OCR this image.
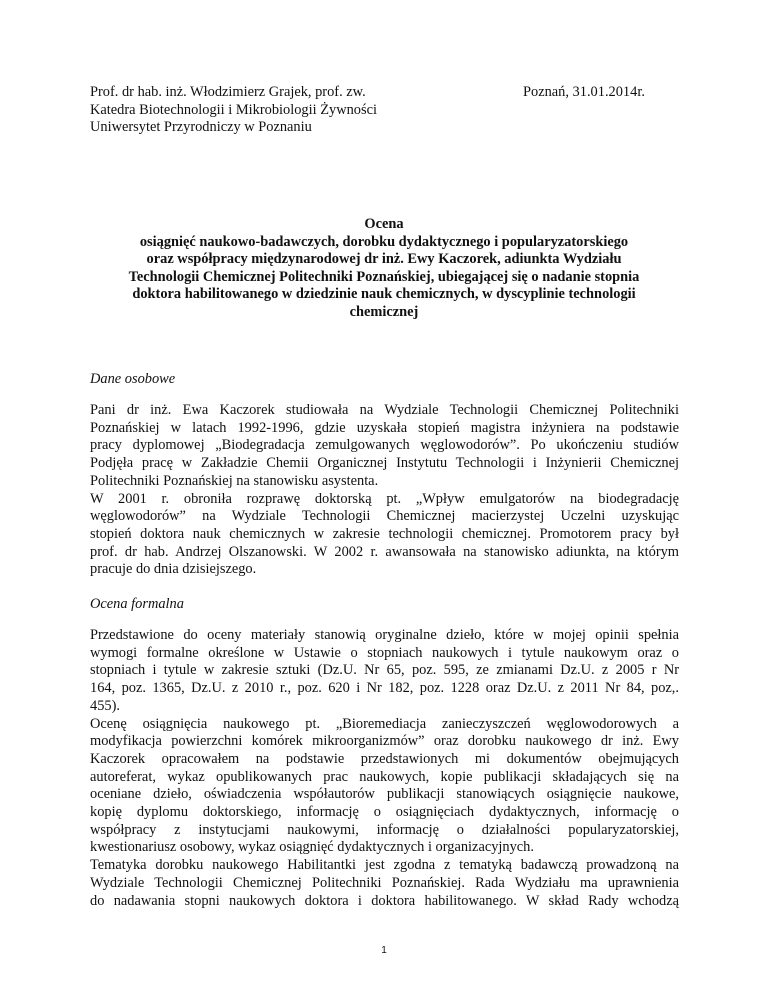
Prof. dr hab. inż. Włodzimierz Grajek, prof. zw.
Katedra Biotechnologii i Mikrobiologii Żywności
Uniwersytet Przyrodniczy w Poznaniu
Poznań, 31.01.2014r.
Ocena
osiągnięć naukowo-badawczych, dorobku dydaktycznego i popularyzatorskiego
oraz współpracy międzynarodowej dr inż. Ewy Kaczorek, adiunkta Wydziału
Technologii Chemicznej Politechniki Poznańskiej, ubiegającej się o nadanie stopnia
doktora habilitowanego w dziedzinie nauk chemicznych, w dyscyplinie technologii
chemicznej
Dane osobowe
Pani dr inż. Ewa Kaczorek studiowała na Wydziale Technologii Chemicznej Politechniki
Poznańskiej w latach 1992-1996, gdzie uzyskała stopień magistra inżyniera na podstawie
pracy dyplomowej „Biodegradacja zemulgowanych węglowodorów”. Po ukończeniu studiów
Podjęła pracę w Zakładzie Chemii Organicznej Instytutu Technologii i Inżynierii Chemicznej
Politechniki Poznańskiej na stanowisku asystenta.
W 2001 r. obroniła rozprawę doktorską pt. „Wpływ emulgatorów na biodegradację
węglowodorów” na Wydziale Technologii Chemicznej macierzystej Uczelni uzyskując
stopień doktora nauk chemicznych w zakresie technologii chemicznej. Promotorem pracy był
prof. dr hab. Andrzej Olszanowski. W 2002 r. awansowała na stanowisko adiunkta, na którym
pracuje do dnia dzisiejszego.
Ocena formalna
Przedstawione do oceny materiały stanowią oryginalne dzieło, które w mojej opinii spełnia
wymogi formalne określone w Ustawie o stopniach naukowych i tytule naukowym oraz o
stopniach i tytule w zakresie sztuki (Dz.U. Nr 65, poz. 595, ze zmianami Dz.U. z 2005 r Nr
164, poz. 1365, Dz.U. z 2010 r., poz. 620 i Nr 182, poz. 1228 oraz Dz.U. z 2011 Nr 84, poz,.
455).
Ocenę osiągnięcia naukowego pt. „Bioremediacja zanieczyszczeń węglowodorowych a
modyfikacja powierzchni komórek mikroorganizmów” oraz dorobku naukowego dr inż. Ewy
Kaczorek opracowałem na podstawie przedstawionych mi dokumentów obejmujących
autoreferat, wykaz opublikowanych prac naukowych, kopie publikacji składających się na
oceniane dzieło, oświadczenia współautorów publikacji stanowiących osiągnięcie naukowe,
kopię dyplomu doktorskiego, informację o osiągnięciach dydaktycznych, informację o
współpracy z instytucjami naukowymi, informację o działalności popularyzatorskiej,
kwestionariusz osobowy, wykaz osiągnięć dydaktycznych i organizacyjnych.
Tematyka dorobku naukowego Habilitantki jest zgodna z tematyką badawczą prowadzoną na
Wydziale Technologii Chemicznej Politechniki Poznańskiej. Rada Wydziału ma uprawnienia
do nadawania stopni naukowych doktora i doktora habilitowanego. W skład Rady wchodzą
1
